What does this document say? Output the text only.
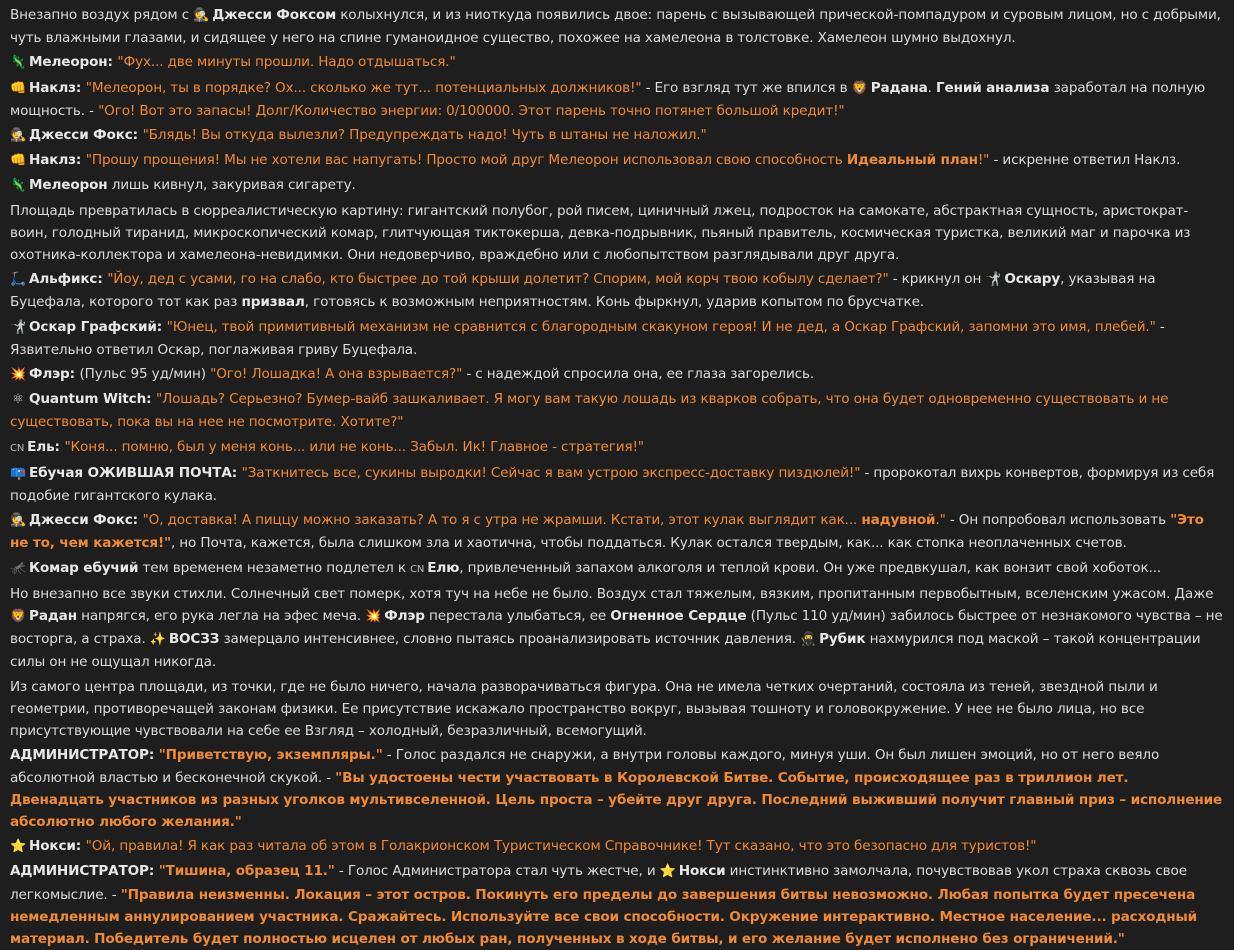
Внезапно воздух рядом с 🕵 Джесси Фоксом колыхнулся, и из ниоткуда появились двое: парень с вызывающей прической-помпадуром и суровым лицом, но с добрыми, чуть влажными глазами, и сидящее у него на спине гуманоидное существо, похожее на хамелеона в толстовке. Хамелеон шумно выдохнул.
🦎 Мелеорон: "Фух... две минуты прошли. Надо отдышаться."
👊 Наклз: "Мелеорон, ты в порядке? Ох... сколько же тут... потенциальных должников!" - Его взгляд тут же впился в 🦁 Радана. Гений анализа заработал на полную мощность. - "Ого! Вот это запасы! Долг/Количество энергии: 0/100000. Этот парень точно потянет большой кредит!"
🕵 Джесси Фокс: "Блядь! Вы откуда вылезли? Предупреждать надо! Чуть в штаны не наложил."
👊 Наклз: "Прошу прощения! Мы не хотели вас напугать! Просто мой друг Мелеорон использовал свою способность Идеальный план!" - искренне ответил Наклз.
🦎 Мелеорон лишь кивнул, закуривая сигарету.
Площадь превратилась в сюрреалистическую картину: гигантский полубог, рой писем, циничный лжец, подросток на самокате, абстрактная сущность, аристократ-воин, голодный тиранид, микроскопический комар, глитчующая тиктокерша, девка-подрывник, пьяный правитель, космическая туристка, великий маг и парочка из охотника-коллектора и хамелеона-невидимки. Они недоверчиво, враждебно или с любопытством разглядывали друг друга.
🛴 Альфикс: "Йоу, дед с усами, го на слабо, кто быстрее до той крыши долетит? Спорим, мой корч твою кобылу сделает?" - крикнул он 🤺 Оскару, указывая на Буцефала, которого тот как раз призвал, готовясь к возможным неприятностям. Конь фыркнул, ударив копытом по брусчатке.
🤺 Оскар Графский: "Юнец, твой примитивный механизм не сравнится с благородным скакуном героя! И не дед, а Оскар Графский, запомни это имя, плебей." - Язвительно ответил Оскар, поглаживая гриву Буцефала.
💥 Флэр: (Пульс 95 уд/мин) "Ого! Лошадка! А она взрывается?" - с надеждой спросила она, ее глаза загорелись.
⚛ Quantum Witch: "Лошадь? Серьезно? Бумер-вайб зашкаливает. Я могу вам такую лошадь из кварков собрать, что она будет одновременно существовать и не существовать, пока вы на нее не посмотрите. Хотите?"
CN Ель: "Коня... помню, был у меня конь... или не конь... Забыл. Ик! Главное - стратегия!"
📪 Ебучая ОЖИВШАЯ ПОЧТА: "Заткнитесь все, сукины выродки! Сейчас я вам устрою экспресс-доставку пиздюлей!" - пророкотал вихрь конвертов, формируя из себя подобие гигантского кулака.
🕵 Джесси Фокс: "О, доставка! А пиццу можно заказать? А то я с утра не жрамши. Кстати, этот кулак выглядит как... надувной." - Он попробовал использовать "Это не то, чем кажется!", но Почта, кажется, была слишком зла и хаотична, чтобы поддаться. Кулак остался твердым, как... как стопка неоплаченных счетов.
🦟 Комар ебучий тем временем незаметно подлетел к CN Елю, привлеченный запахом алкоголя и теплой крови. Он уже предвкушал, как вонзит свой хоботок...
Но внезапно все звуки стихли. Солнечный свет померк, хотя туч на небе не было. Воздух стал тяжелым, вязким, пропитанным первобытным, вселенским ужасом. Даже 🦁 Радан напрягся, его рука легла на эфес меча. 💥 Флэр перестала улыбаться, ее Огненное Сердце (Пульс 110 уд/мин) забилось быстрее от незнакомого чувства – не восторга, а страха. ✨ ВОСЗЗ замерцало интенсивнее, словно пытаясь проанализировать источник давления. 🥷 Рубик нахмурился под маской – такой концентрации силы он не ощущал никогда.
Из самого центра площади, из точки, где не было ничего, начала разворачиваться фигура. Она не имела четких очертаний, состояла из теней, звездной пыли и геометрии, противоречащей законам физики. Ее присутствие искажало пространство вокруг, вызывая тошноту и головокружение. У нее не было лица, но все присутствующие чувствовали на себе ее Взгляд – холодный, безразличный, всемогущий.
АДМИНИСТРАТОР: "Приветствую, экземпляры." - Голос раздался не снаружи, а внутри головы каждого, минуя уши. Он был лишен эмоций, но от него веяло абсолютной властью и бесконечной скукой. - "Вы удостоены чести участвовать в Королевской Битве. Событие, происходящее раз в триллион лет. Двенадцать участников из разных уголков мультивселенной. Цель проста – убейте друг друга. Последний выживший получит главный приз – исполнение абсолютно любого желания."
⭐ Нокси: "Ой, правила! Я как раз читала об этом в Голакрионском Туристическом Справочнике! Тут сказано, что это безопасно для туристов!"
АДМИНИСТРАТОР: "Тишина, образец 11." - Голос Администратора стал чуть жестче, и ⭐ Нокси инстинктивно замолчала, почувствовав укол страха сквозь свое легкомыслие. - "Правила неизменны. Локация – этот остров. Покинуть его пределы до завершения битвы невозможно. Любая попытка будет пресечена немедленным аннулированием участника. Сражайтесь. Используйте все свои способности. Окружение интерактивно. Местное население... расходный материал. Победитель будет полностью исцелен от любых ран, полученных в ходе битвы, и его желание будет исполнено без ограничений."
